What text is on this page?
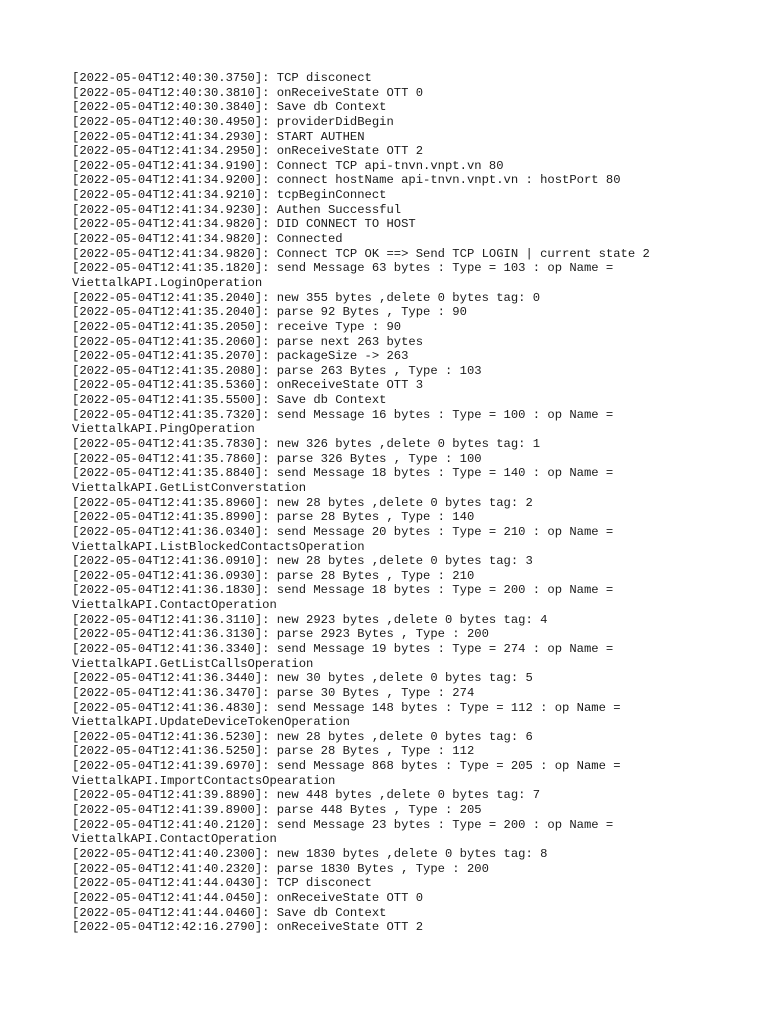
[2022-05-04T12:40:30.3750]: TCP disconect
[2022-05-04T12:40:30.3810]: onReceiveState OTT 0
[2022-05-04T12:40:30.3840]: Save db Context
[2022-05-04T12:40:30.4950]: providerDidBegin
[2022-05-04T12:41:34.2930]: START AUTHEN
[2022-05-04T12:41:34.2950]: onReceiveState OTT 2
[2022-05-04T12:41:34.9190]: Connect TCP api-tnvn.vnpt.vn 80
[2022-05-04T12:41:34.9200]: connect hostName api-tnvn.vnpt.vn : hostPort 80
[2022-05-04T12:41:34.9210]: tcpBeginConnect
[2022-05-04T12:41:34.9230]: Authen Successful
[2022-05-04T12:41:34.9820]: DID CONNECT TO HOST
[2022-05-04T12:41:34.9820]: Connected
[2022-05-04T12:41:34.9820]: Connect TCP OK ==> Send TCP LOGIN | current state 2
[2022-05-04T12:41:35.1820]: send Message 63 bytes : Type = 103 : op Name =
ViettalkAPI.LoginOperation
[2022-05-04T12:41:35.2040]: new 355 bytes ,delete 0 bytes tag: 0
[2022-05-04T12:41:35.2040]: parse 92 Bytes , Type : 90
[2022-05-04T12:41:35.2050]: receive Type : 90
[2022-05-04T12:41:35.2060]: parse next 263 bytes
[2022-05-04T12:41:35.2070]: packageSize -> 263
[2022-05-04T12:41:35.2080]: parse 263 Bytes , Type : 103
[2022-05-04T12:41:35.5360]: onReceiveState OTT 3
[2022-05-04T12:41:35.5500]: Save db Context
[2022-05-04T12:41:35.7320]: send Message 16 bytes : Type = 100 : op Name =
ViettalkAPI.PingOperation
[2022-05-04T12:41:35.7830]: new 326 bytes ,delete 0 bytes tag: 1
[2022-05-04T12:41:35.7860]: parse 326 Bytes , Type : 100
[2022-05-04T12:41:35.8840]: send Message 18 bytes : Type = 140 : op Name =
ViettalkAPI.GetListConverstation
[2022-05-04T12:41:35.8960]: new 28 bytes ,delete 0 bytes tag: 2
[2022-05-04T12:41:35.8990]: parse 28 Bytes , Type : 140
[2022-05-04T12:41:36.0340]: send Message 20 bytes : Type = 210 : op Name =
ViettalkAPI.ListBlockedContactsOperation
[2022-05-04T12:41:36.0910]: new 28 bytes ,delete 0 bytes tag: 3
[2022-05-04T12:41:36.0930]: parse 28 Bytes , Type : 210
[2022-05-04T12:41:36.1830]: send Message 18 bytes : Type = 200 : op Name =
ViettalkAPI.ContactOperation
[2022-05-04T12:41:36.3110]: new 2923 bytes ,delete 0 bytes tag: 4
[2022-05-04T12:41:36.3130]: parse 2923 Bytes , Type : 200
[2022-05-04T12:41:36.3340]: send Message 19 bytes : Type = 274 : op Name =
ViettalkAPI.GetListCallsOperation
[2022-05-04T12:41:36.3440]: new 30 bytes ,delete 0 bytes tag: 5
[2022-05-04T12:41:36.3470]: parse 30 Bytes , Type : 274
[2022-05-04T12:41:36.4830]: send Message 148 bytes : Type = 112 : op Name =
ViettalkAPI.UpdateDeviceTokenOperation
[2022-05-04T12:41:36.5230]: new 28 bytes ,delete 0 bytes tag: 6
[2022-05-04T12:41:36.5250]: parse 28 Bytes , Type : 112
[2022-05-04T12:41:39.6970]: send Message 868 bytes : Type = 205 : op Name =
ViettalkAPI.ImportContactsOpearation
[2022-05-04T12:41:39.8890]: new 448 bytes ,delete 0 bytes tag: 7
[2022-05-04T12:41:39.8900]: parse 448 Bytes , Type : 205
[2022-05-04T12:41:40.2120]: send Message 23 bytes : Type = 200 : op Name =
ViettalkAPI.ContactOperation
[2022-05-04T12:41:40.2300]: new 1830 bytes ,delete 0 bytes tag: 8
[2022-05-04T12:41:40.2320]: parse 1830 Bytes , Type : 200
[2022-05-04T12:41:44.0430]: TCP disconect
[2022-05-04T12:41:44.0450]: onReceiveState OTT 0
[2022-05-04T12:41:44.0460]: Save db Context
[2022-05-04T12:42:16.2790]: onReceiveState OTT 2
